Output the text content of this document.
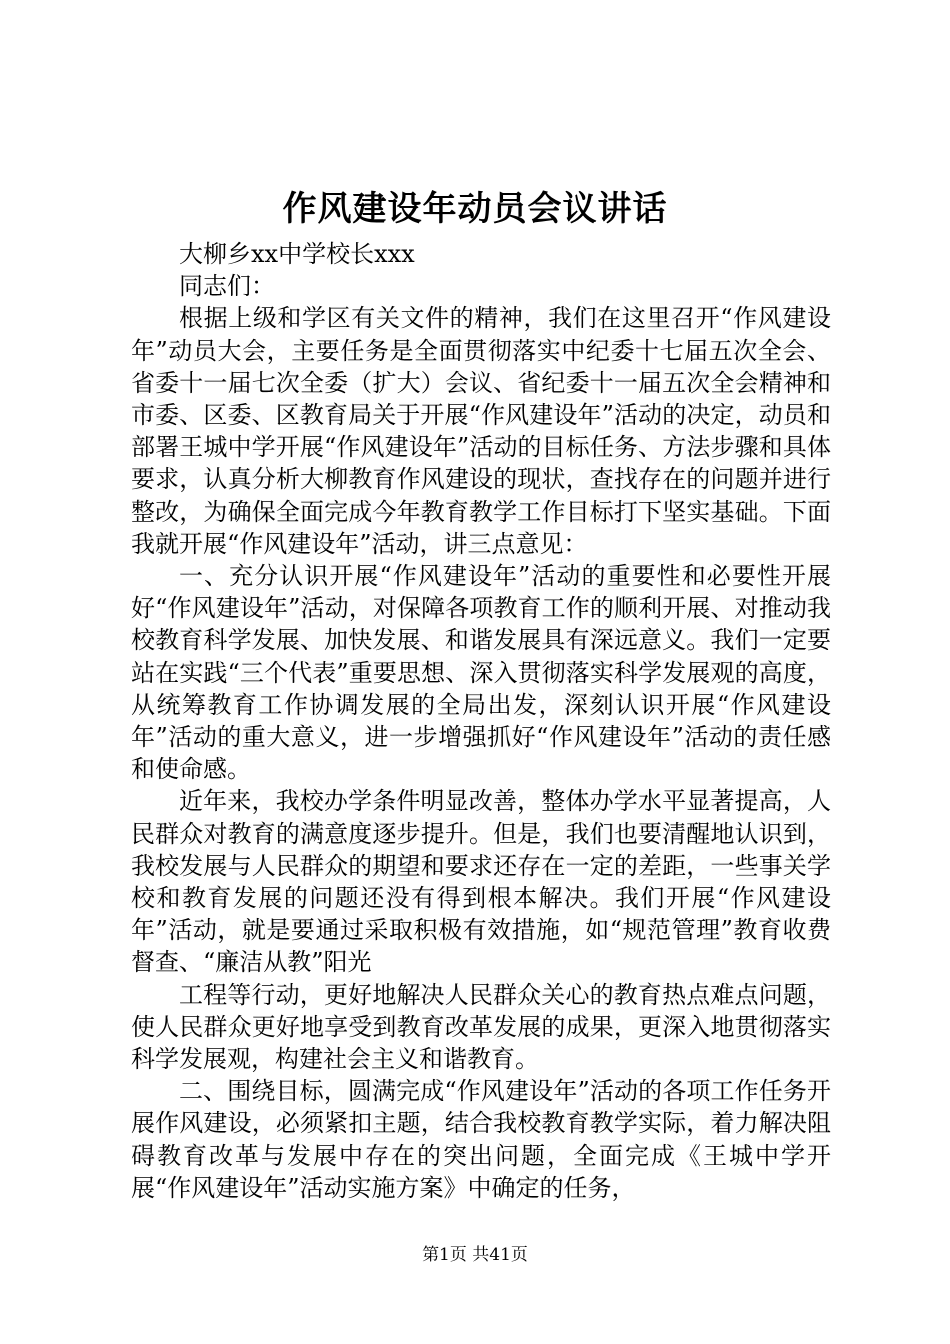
作风建设年动员会议讲话

大柳乡xx中学校长xxx

同志们：

根据上级和学区有关文件的精神，我们在这里召开“作风建设年”动员大会，主要任务是全面贯彻落实中纪委十七届五次全会、省委十一届七次全委（扩大）会议、省纪委十一届五次全会精神和市委、区委、区教育局关于开展“作风建设年”活动的决定，动员和部署王城中学开展“作风建设年”活动的目标任务、方法步骤和具体要求，认真分析大柳教育作风建设的现状，查找存在的问题并进行整改，为确保全面完成今年教育教学工作目标打下坚实基础。下面我就开展“作风建设年”活动，讲三点意见：

一、充分认识开展“作风建设年”活动的重要性和必要性开展好“作风建设年”活动，对保障各项教育工作的顺利开展、对推动我校教育科学发展、加快发展、和谐发展具有深远意义。我们一定要站在实践“三个代表”重要思想、深入贯彻落实科学发展观的高度，从统筹教育工作协调发展的全局出发，深刻认识开展“作风建设年”活动的重大意义，进一步增强抓好“作风建设年”活动的责任感和使命感。

近年来，我校办学条件明显改善，整体办学水平显著提高，人民群众对教育的满意度逐步提升。但是，我们也要清醒地认识到，我校发展与人民群众的期望和要求还存在一定的差距，一些事关学校和教育发展的问题还没有得到根本解决。我们开展“作风建设年”活动，就是要通过采取积极有效措施，如“规范管理”教育收费督查、“廉洁从教”阳光

工程等行动，更好地解决人民群众关心的教育热点难点问题，使人民群众更好地享受到教育改革发展的成果，更深入地贯彻落实科学发展观，构建社会主义和谐教育。

二、围绕目标，圆满完成“作风建设年”活动的各项工作任务开展作风建设，必须紧扣主题，结合我校教育教学实际，着力解决阻碍教育改革与发展中存在的突出问题，全面完成《王城中学开展“作风建设年”活动实施方案》中确定的任务，

第1页 共41页
